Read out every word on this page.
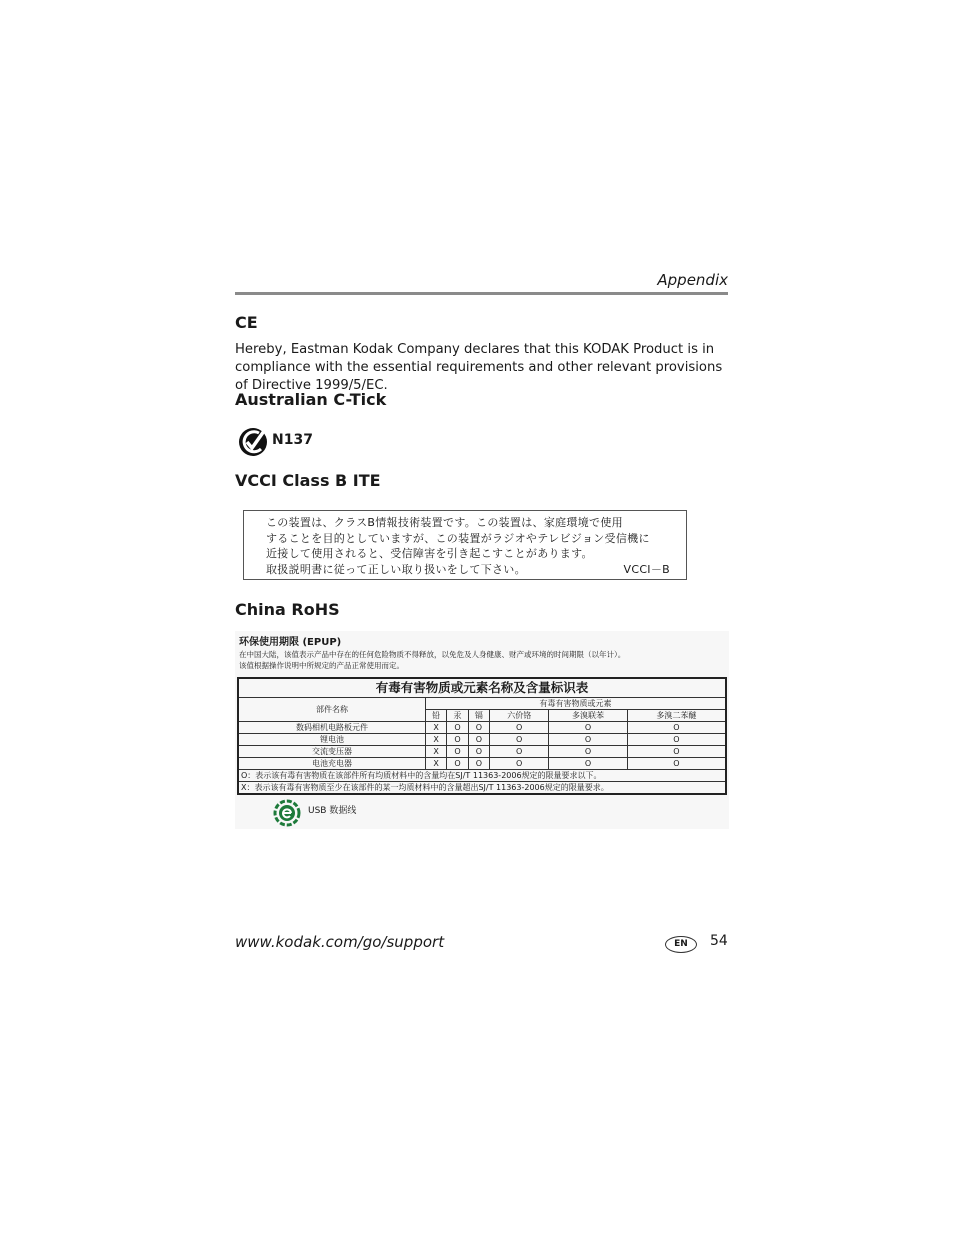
Appendix
CE
Hereby, Eastman Kodak Company declares that this KODAK Product is in compliance with the essential requirements and other relevant provisions of Directive 1999/5/EC.
Australian C-Tick
N137
VCCI Class B ITE
この装置は、クラスB情報技術装置です。この装置は、家庭環境で使用
することを目的としていますが、この装置がラジオやテレビジョン受信機に
近接して使用されると、受信障害を引き起こすことがあります。
取扱説明書に従って正しい取り扱いをして下さい。	VCCI－B
China RoHS
环保使用期限 (EPUP)
在中国大陆，该值表示产品中存在的任何危险物质不得释放，以免危及人身健康、财产或环境的时间期限（以年计）。
该值根据操作说明中所规定的产品正常使用而定。
有毒有害物质或元素名称及含量标识表						
部件名称	有毒有害物质或元素					
	铅	汞	镉	六价铬	多溴联苯	多溴二苯醚
数码相机电路板元件	X	O	O	O	O	O
锂电池	X	O	O	O	O	O
交流变压器	X	O	O	O	O	O
电池充电器	X	O	O	O	O	O
O：表示该有毒有害物质在该部件所有均质材料中的含量均在SJ/T 11363-2006规定的限量要求以下。						
X：表示该有毒有害物质至少在该部件的某一均质材料中的含量超出SJ/T 11363-2006规定的限量要求。						
USB 数据线
www.kodak.com/go/support	EN	54
